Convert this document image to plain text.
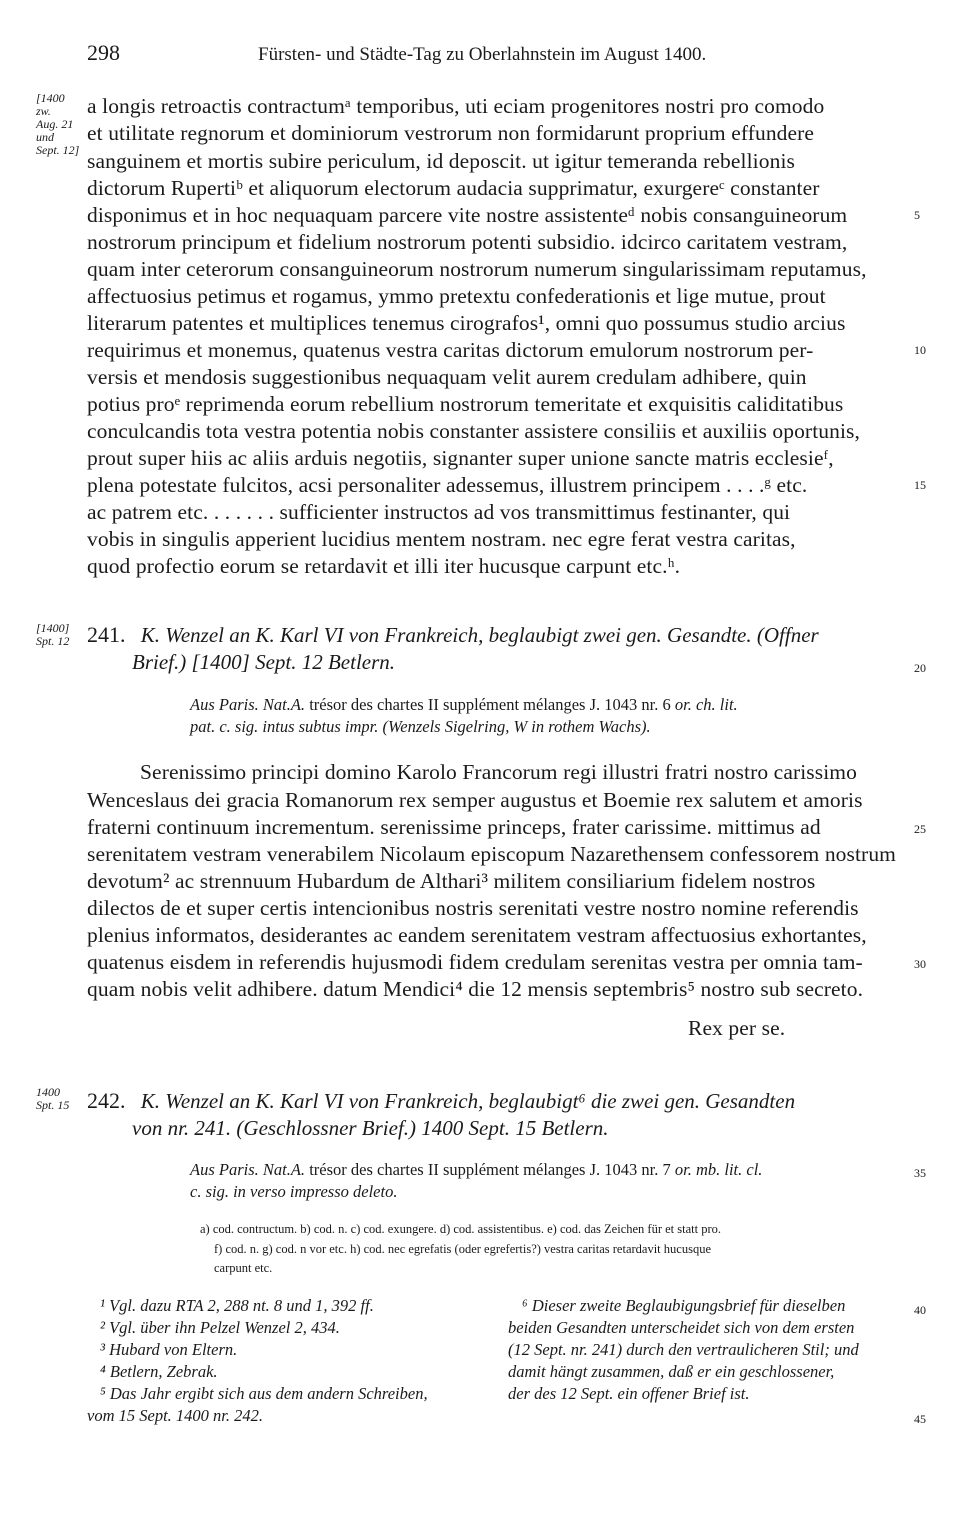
298	Fürsten- und Städte-Tag zu Oberlahnstein im August 1400.
[1400
zw.
Aug. 21
und
Sept. 12]
a longis retroactis contractumᵃ temporibus, uti eciam progenitores nostri pro comodo
et utilitate regnorum et dominiorum vestrorum non formidarunt proprium effundere
sanguinem et mortis subire periculum, id deposcit. ut igitur temeranda rebellionis
dictorum Rupertiᵇ et aliquorum electorum audacia supprimatur, exurgereᶜ constanter
disponimus et in hoc nequaquam parcere vite nostre assistenteᵈ nobis consanguineorum
nostrorum principum et fidelium nostrorum potenti subsidio. idcirco caritatem vestram,
quam inter ceterorum consanguineorum nostrorum numerum singularissimam reputamus,
affectuosius petimus et rogamus, ymmo pretextu confederationis et lige mutue, prout
literarum patentes et multiplices tenemus cirografos¹, omni quo possumus studio arcius
requirimus et monemus, quatenus vestra caritas dictorum emulorum nostrorum per-
versis et mendosis suggestionibus nequaquam velit aurem credulam adhibere, quin
potius proᵉ reprimenda eorum rebellium nostrorum temeritate et exquisitis caliditatibus
conculcandis tota vestra potentia nobis constanter assistere consiliis et auxiliis oportunis,
prout super hiis ac aliis arduis negotiis, signanter super unione sancte matris ecclesieᶠ,
plena potestate fulcitos, acsi personaliter adessemus, illustrem principem . . . .ᵍ etc.
ac patrem etc. . . . . . . sufficienter instructos ad vos transmittimus festinanter, qui
vobis in singulis apperient lucidius mentem nostram. nec egre ferat vestra caritas,
quod profectio eorum se retardavit et illi iter hucusque carpunt etc.ʰ.
5
10
15
20
25
30
35
40
45
[1400]
Spt. 12 241. K. Wenzel an K. Karl VI von Frankreich, beglaubigt zwei gen. Gesandte. (Offner
Brief.) [1400] Sept. 12 Betlern.
Aus Paris. Nat.A. trésor des chartes II supplément mélanges J. 1043 nr. 6 or. ch. lit.
pat. c. sig. intus subtus impr. (Wenzels Sigelring, W in rothem Wachs).
Serenissimo principi domino Karolo Francorum regi illustri fratri nostro carissimo
Wenceslaus dei gracia Romanorum rex semper augustus et Boemie rex salutem et amoris
fraterni continuum incrementum. serenissime princeps, frater carissime. mittimus ad
serenitatem vestram venerabilem Nicolaum episcopum Nazarethensem confessorem nostrum
devotum² ac strennuum Hubardum de Althari³ militem consiliarium fidelem nostros
dilectos de et super certis intencionibus nostris serenitati vestre nostro nomine referendis
plenius informatos, desiderantes ac eandem serenitatem vestram affectuosius exhortantes,
quatenus eisdem in referendis hujusmodi fidem credulam serenitas vestra per omnia tam-
quam nobis velit adhibere. datum Mendici⁴ die 12 mensis septembris⁵ nostro sub secreto.
Rex per se.
1400
Spt. 15 242. K. Wenzel an K. Karl VI von Frankreich, beglaubigt⁶ die zwei gen. Gesandten
von nr. 241. (Geschlossner Brief.) 1400 Sept. 15 Betlern.
Aus Paris. Nat.A. trésor des chartes II supplément mélanges J. 1043 nr. 7 or. mb. lit. cl.
c. sig. in verso impresso deleto.
a) cod. contructum. b) cod. n. c) cod. exungere. d) cod. assistentibus. e) cod. das Zeichen für et statt pro.
f) cod. n. g) cod. n vor etc. h) cod. nec egrefatis (oder egrefertis?) vestra caritas retardavit hucusque
carpunt etc.
¹ Vgl. dazu RTA 2, 288 nt. 8 und 1, 392 ff.
² Vgl. über ihn Pelzel Wenzel 2, 434.
³ Hubard von Eltern.
⁴ Betlern, Zebrak.
⁵ Das Jahr ergibt sich aus dem andern Schreiben,
vom 15 Sept. 1400 nr. 242.
⁶ Dieser zweite Beglaubigungsbrief für dieselben
beiden Gesandten unterscheidet sich von dem ersten
(12 Sept. nr. 241) durch den vertraulicheren Stil; und
damit hängt zusammen, daß er ein geschlossener,
der des 12 Sept. ein offener Brief ist.
